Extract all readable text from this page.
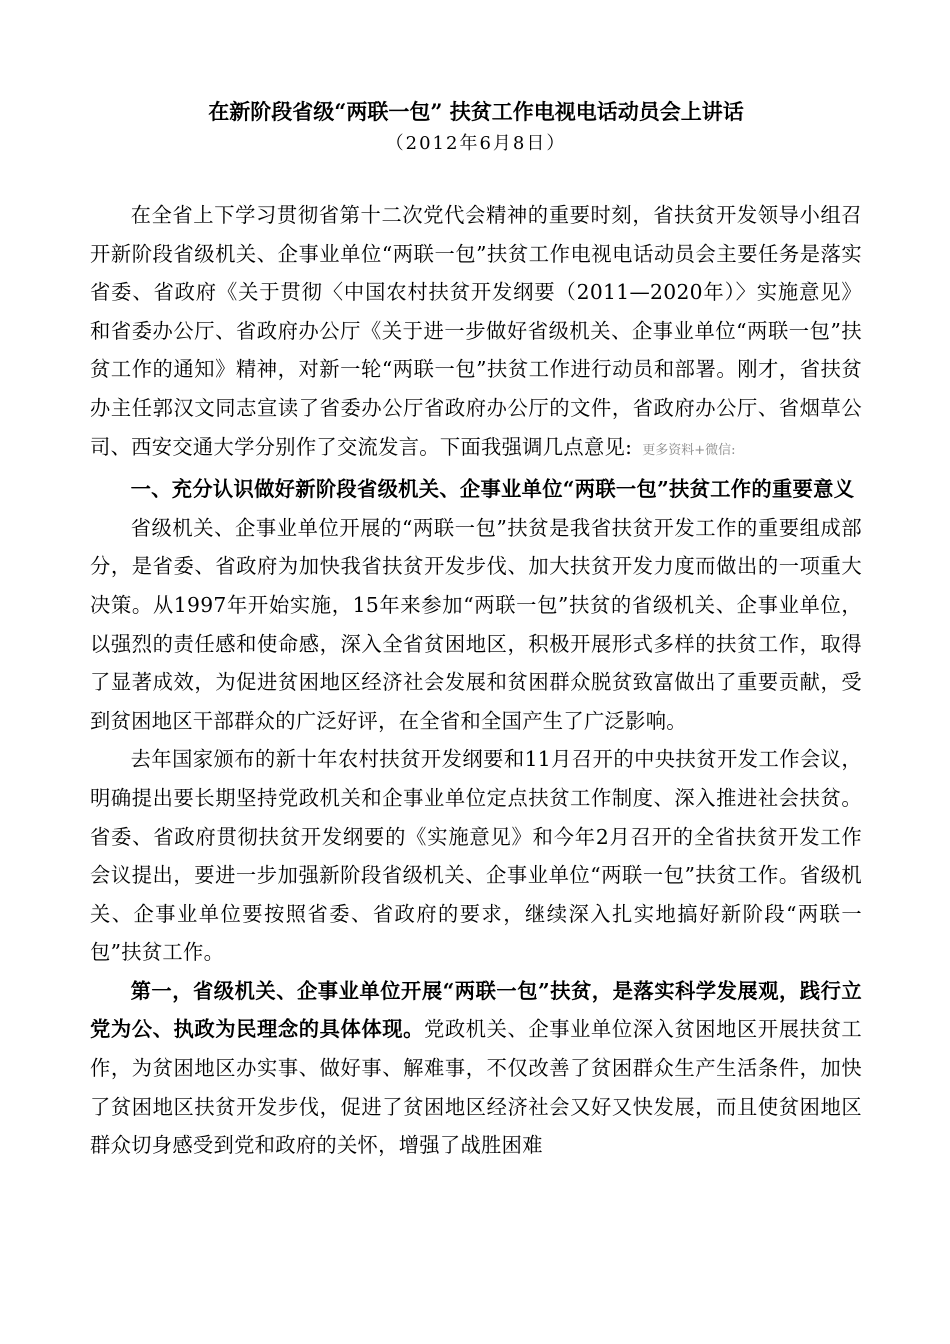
在新阶段省级“两联一包” 扶贫工作电视电话动员会上讲话
（2012年6月8日）

在全省上下学习贯彻省第十二次党代会精神的重要时刻，省扶贫开发领导小组召开新阶段省级机关、企事业单位“两联一包”扶贫工作电视电话动员会主要任务是落实省委、省政府《关于贯彻〈中国农村扶贫开发纲要（2011—2020年）〉实施意见》和省委办公厅、省政府办公厅《关于进一步做好省级机关、企事业单位“两联一包”扶贫工作的通知》精神，对新一轮“两联一包”扶贫工作进行动员和部署。刚才，省扶贫办主任郭汉文同志宣读了省委办公厅省政府办公厅的文件，省政府办公厅、省烟草公司、西安交通大学分别作了交流发言。下面我强调几点意见: 更多资料+微信:

一、充分认识做好新阶段省级机关、企事业单位“两联一包”扶贫工作的重要意义

省级机关、企事业单位开展的“两联一包”扶贫是我省扶贫开发工作的重要组成部分，是省委、省政府为加快我省扶贫开发步伐、加大扶贫开发力度而做出的一项重大决策。从1997年开始实施，15年来参加“两联一包”扶贫的省级机关、企事业单位，以强烈的责任感和使命感，深入全省贫困地区，积极开展形式多样的扶贫工作，取得了显著成效，为促进贫困地区经济社会发展和贫困群众脱贫致富做出了重要贡献，受到贫困地区干部群众的广泛好评，在全省和全国产生了广泛影响。

去年国家颁布的新十年农村扶贫开发纲要和11月召开的中央扶贫开发工作会议，明确提出要长期坚持党政机关和企事业单位定点扶贫工作制度、深入推进社会扶贫。省委、省政府贯彻扶贫开发纲要的《实施意见》和今年2月召开的全省扶贫开发工作会议提出，要进一步加强新阶段省级机关、企事业单位“两联一包”扶贫工作。省级机关、企事业单位要按照省委、省政府的要求，继续深入扎实地搞好新阶段“两联一包”扶贫工作。

第一，省级机关、企事业单位开展“两联一包”扶贫，是落实科学发展观，践行立党为公、执政为民理念的具体体现。党政机关、企事业单位深入贫困地区开展扶贫工作，为贫困地区办实事、做好事、解难事，不仅改善了贫困群众生产生活条件，加快了贫困地区扶贫开发步伐，促进了贫困地区经济社会又好又快发展，而且使贫困地区群众切身感受到党和政府的关怀，增强了战胜困难
